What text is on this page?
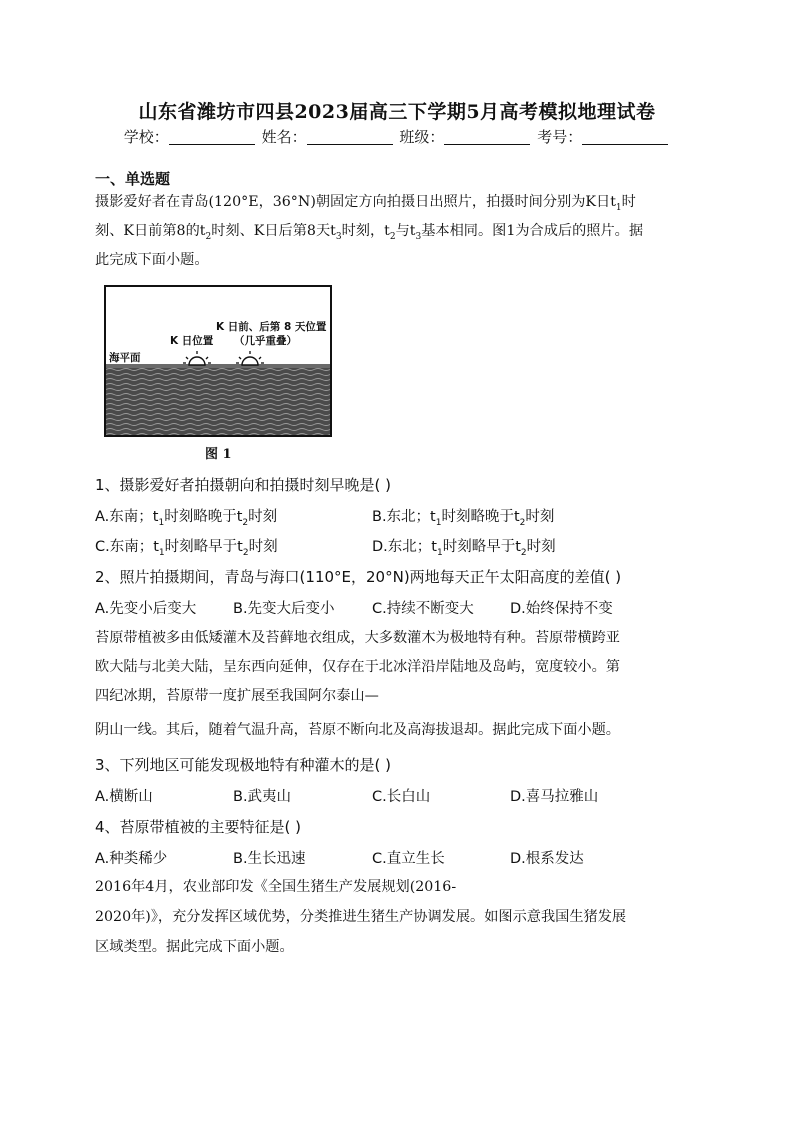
山东省潍坊市四县2023届高三下学期5月高考模拟地理试卷
学校：	姓名：	班级：	考号：
一、单选题
摄影爱好者在青岛(120°E，36°N)朝固定方向拍摄日出照片，拍摄时间分别为K日$t_1$时
刻、K日前第8的$t_2$时刻、K日后第8天$t_3$时刻，$t_2$与$t_3$基本相同。图1为合成后的照片。据
此完成下面小题。
海平面
K 日位置
K 日前、后第 8 天位置
（几乎重叠）
图 1
1、摄影爱好者拍摄朝向和拍摄时刻早晚是( )
A.东南；$t_1$时刻略晚于$t_2$时刻	B.东北；$t_1$时刻略晚于$t_2$时刻
C.东南；$t_1$时刻略早于$t_2$时刻	D.东北；$t_1$时刻略早于$t_2$时刻
2、照片拍摄期间，青岛与海口(110°E，20°N)两地每天正午太阳高度的差值( )
A.先变小后变大	B.先变大后变小	C.持续不断变大	D.始终保持不变
苔原带植被多由低矮灌木及苔藓地衣组成，大多数灌木为极地特有种。苔原带横跨亚
欧大陆与北美大陆，呈东西向延伸，仅存在于北冰洋沿岸陆地及岛屿，宽度较小。第
四纪冰期，苔原带一度扩展至我国阿尔泰山—
阴山一线。其后，随着气温升高，苔原不断向北及高海拔退却。据此完成下面小题。
3、下列地区可能发现极地特有种灌木的是( )
A.横断山	B.武夷山	C.长白山	D.喜马拉雅山
4、苔原带植被的主要特征是( )
A.种类稀少	B.生长迅速	C.直立生长	D.根系发达
2016年4月，农业部印发《全国生猪生产发展规划(2016-
2020年)》，充分发挥区域优势，分类推进生猪生产协调发展。如图示意我国生猪发展
区域类型。据此完成下面小题。
